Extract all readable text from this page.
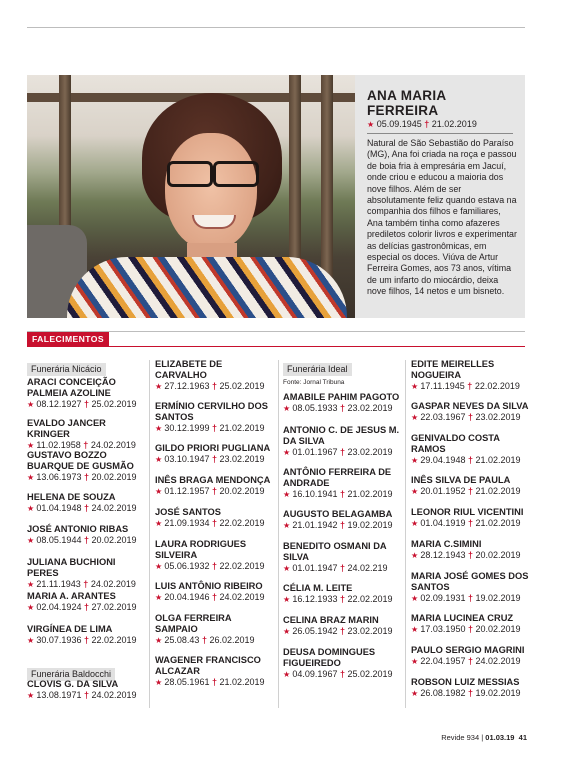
ANA MARIA FERREIRA
★ 05.09.1945 † 21.02.2019
Natural de São Sebastião do Paraíso (MG), Ana foi criada na roça e passou de boia fria à empresária em Jacuí, onde criou e educou a maioria dos nove filhos. Além de ser absolutamente feliz quando estava na companhia dos filhos e familiares, Ana também tinha como afazeres prediletos colorir livros e experimentar as delícias gastronômicas, em especial os doces. Viúva de Artur Ferreira Gomes, aos 73 anos, vítima de um infarto do miocárdio, deixa nove filhos, 14 netos e um bisneto.
FALECIMENTOS
Funerária Nicácio
Funerária Baldocchi
ARACI CONCEIÇÃO PALMEIA AZOLINE
★ 08.12.1927 † 25.02.2019
EVALDO JANCER KRINGER
★ 11.02.1958 † 24.02.2019
GUSTAVO BOZZO BUARQUE DE GUSMÃO
★ 13.06.1973 † 20.02.2019
HELENA DE SOUZA
★ 01.04.1948 † 24.02.2019
JOSÉ ANTONIO RIBAS
★ 08.05.1944 † 20.02.2019
JULIANA BUCHIONI PERES
★ 21.11.1943 † 24.02.2019
MARIA A. ARANTES
★ 02.04.1924 † 27.02.2019
VIRGÍNEA DE LIMA
★ 30.07.1936 † 22.02.2019
CLOVIS G. DA SILVA
★ 13.08.1971 † 24.02.2019
ELIZABETE DE CARVALHO
★ 27.12.1963 † 25.02.2019
ERMÍNIO CERVILHO DOS SANTOS
★ 30.12.1999 † 21.02.2019
GILDO PRIORI PUGLIANA
★ 03.10.1947 † 23.02.2019
INÊS BRAGA MENDONÇA
★ 01.12.1957 † 20.02.2019
JOSÉ SANTOS
★ 21.09.1934 † 22.02.2019
LAURA RODRIGUES SILVEIRA
★ 05.06.1932 † 22.02.2019
LUIS ANTÔNIO RIBEIRO
★ 20.04.1946 † 24.02.2019
OLGA FERREIRA SAMPAIO
★ 25.08.43 † 26.02.2019
WAGENER FRANCISCO ALCAZAR
★ 28.05.1961 † 21.02.2019
Funerária Ideal
Fonte: Jornal Tribuna
AMABILE PAHIM PAGOTO
★ 08.05.1933 † 23.02.2019
ANTONIO C. DE JESUS M. DA SILVA
★ 01.01.1967 † 23.02.2019
ANTÔNIO FERREIRA DE ANDRADE
★ 16.10.1941 † 21.02.2019
AUGUSTO BELAGAMBA
★ 21.01.1942 † 19.02.2019
BENEDITO OSMANI DA SILVA
★ 01.01.1947 † 24.02.219
CÉLIA M. LEITE
★ 16.12.1933 † 22.02.2019
CELINA BRAZ MARIN
★ 26.05.1942 † 23.02.2019
DEUSA DOMINGUES FIGUEIREDO
★ 04.09.1967 † 25.02.2019
EDITE MEIRELLES NOGUEIRA
★ 17.11.1945 † 22.02.2019
GASPAR NEVES DA SILVA
★ 22.03.1967 † 23.02.2019
GENIVALDO COSTA RAMOS
★ 29.04.1948 † 21.02.2019
INÊS SILVA DE PAULA
★ 20.01.1952 † 21.02.2019
LEONOR RIUL VICENTINI
★ 01.04.1919 † 21.02.2019
MARIA C.SIMINI
★ 28.12.1943 † 20.02.2019
MARIA JOSÉ GOMES DOS SANTOS
★ 02.09.1931 † 19.02.2019
MARIA LUCINEA CRUZ
★ 17.03.1950 † 20.02.2019
PAULO SERGIO MAGRINI
★ 22.04.1957 † 24.02.2019
ROBSON LUIZ MESSIAS
★ 26.08.1982 † 19.02.2019
Revide 934 | 01.03.19 41
